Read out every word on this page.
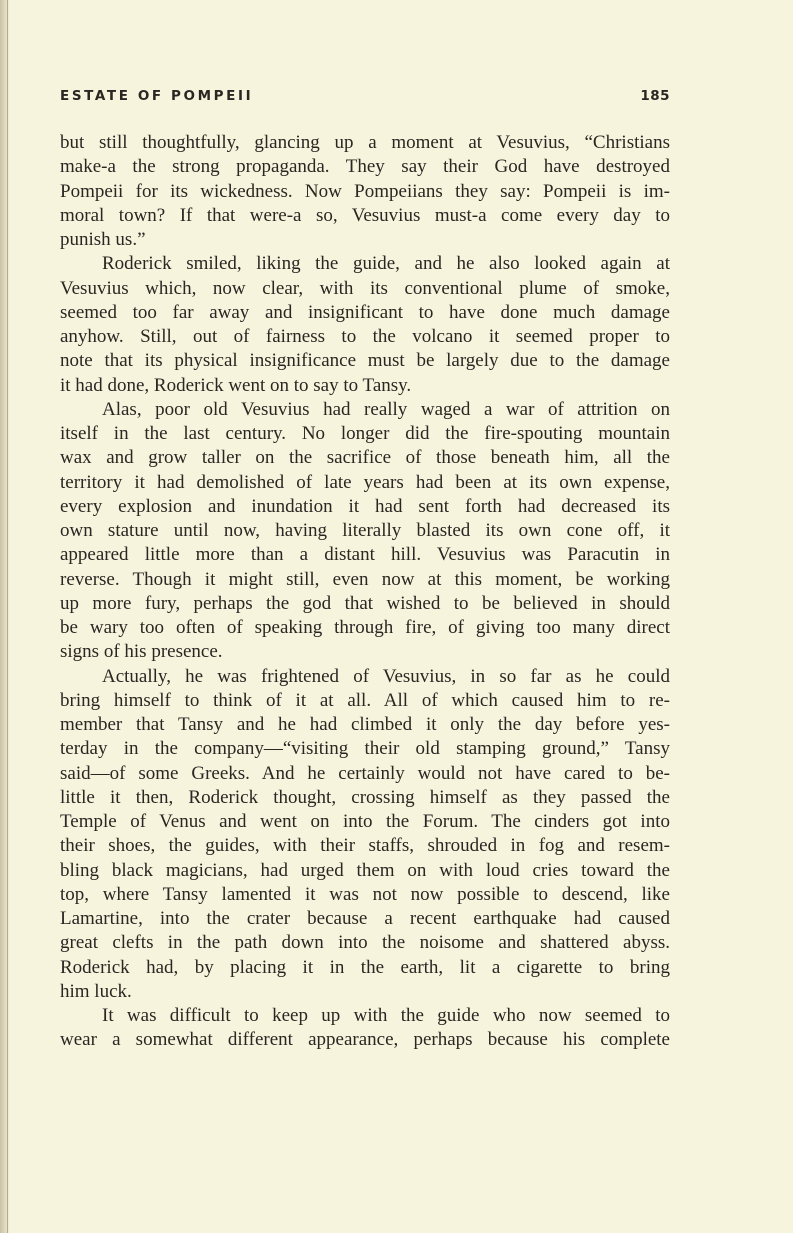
ESTATE OF POMPEII	185
but still thoughtfully, glancing up a moment at Vesuvius, “Christians
make-a the strong propaganda. They say their God have destroyed
Pompeii for its wickedness. Now Pompeiians they say: Pompeii is im-
moral town? If that were-a so, Vesuvius must-a come every day to
punish us.”
Roderick smiled, liking the guide, and he also looked again at
Vesuvius which, now clear, with its conventional plume of smoke,
seemed too far away and insignificant to have done much damage
anyhow. Still, out of fairness to the volcano it seemed proper to
note that its physical insignificance must be largely due to the damage
it had done, Roderick went on to say to Tansy.
Alas, poor old Vesuvius had really waged a war of attrition on
itself in the last century. No longer did the fire-spouting mountain
wax and grow taller on the sacrifice of those beneath him, all the
territory it had demolished of late years had been at its own expense,
every explosion and inundation it had sent forth had decreased its
own stature until now, having literally blasted its own cone off, it
appeared little more than a distant hill. Vesuvius was Paracutin in
reverse. Though it might still, even now at this moment, be working
up more fury, perhaps the god that wished to be believed in should
be wary too often of speaking through fire, of giving too many direct
signs of his presence.
Actually, he was frightened of Vesuvius, in so far as he could
bring himself to think of it at all. All of which caused him to re-
member that Tansy and he had climbed it only the day before yes-
terday in the company—“visiting their old stamping ground,” Tansy
said—of some Greeks. And he certainly would not have cared to be-
little it then, Roderick thought, crossing himself as they passed the
Temple of Venus and went on into the Forum. The cinders got into
their shoes, the guides, with their staffs, shrouded in fog and resem-
bling black magicians, had urged them on with loud cries toward the
top, where Tansy lamented it was not now possible to descend, like
Lamartine, into the crater because a recent earthquake had caused
great clefts in the path down into the noisome and shattered abyss.
Roderick had, by placing it in the earth, lit a cigarette to bring
him luck.
It was difficult to keep up with the guide who now seemed to
wear a somewhat different appearance, perhaps because his complete
